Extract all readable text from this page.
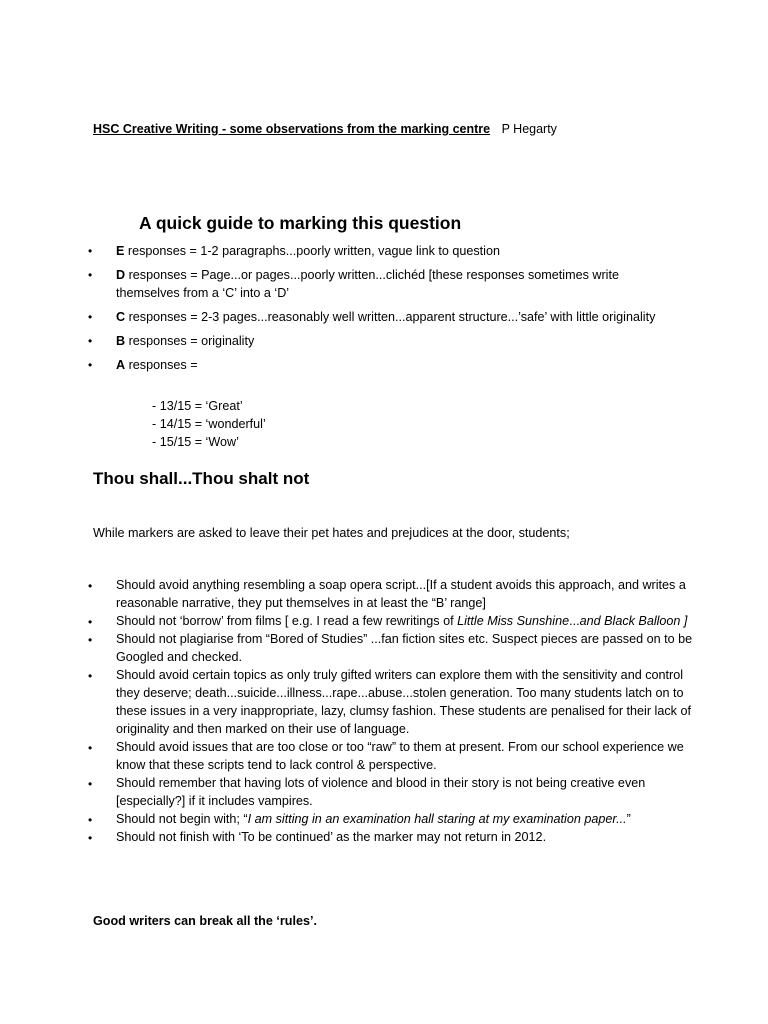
HSC Creative Writing - some observations from the marking centre P Hegarty
A quick guide to marking this question
• E responses = 1-2 paragraphs...poorly written, vague link to question
• D responses = Page...or pages...poorly written...clichéd [these responses sometimes write themselves from a ‘C’ into a ‘D’
• C responses = 2-3 pages...reasonably well written...apparent structure...’safe’ with little originality
• B responses = originality
• A responses =
- 13/15 = ‘Great’
- 14/15 = ‘wonderful’
- 15/15 = ‘Wow’
Thou shall...Thou shalt not
While markers are asked to leave their pet hates and prejudices at the door, students;
• Should avoid anything resembling a soap opera script...[If a student avoids this approach, and writes a reasonable narrative, they put themselves in at least the “B’ range]
• Should not ‘borrow’ from films [ e.g. I read a few rewritings of Little Miss Sunshine...and Black Balloon ]
• Should not plagiarise from “Bored of Studies” ...fan fiction sites etc. Suspect pieces are passed on to be Googled and checked.
• Should avoid certain topics as only truly gifted writers can explore them with the sensitivity and control they deserve; death...suicide...illness...rape...abuse...stolen generation. Too many students latch on to these issues in a very inappropriate, lazy, clumsy fashion. These students are penalised for their lack of originality and then marked on their use of language.
• Should avoid issues that are too close or too “raw” to them at present. From our school experience we know that these scripts tend to lack control & perspective.
• Should remember that having lots of violence and blood in their story is not being creative even [especially?] if it includes vampires.
• Should not begin with; “I am sitting in an examination hall staring at my examination paper...”
• Should not finish with ‘To be continued’ as the marker may not return in 2012.
Good writers can break all the ‘rules’.
